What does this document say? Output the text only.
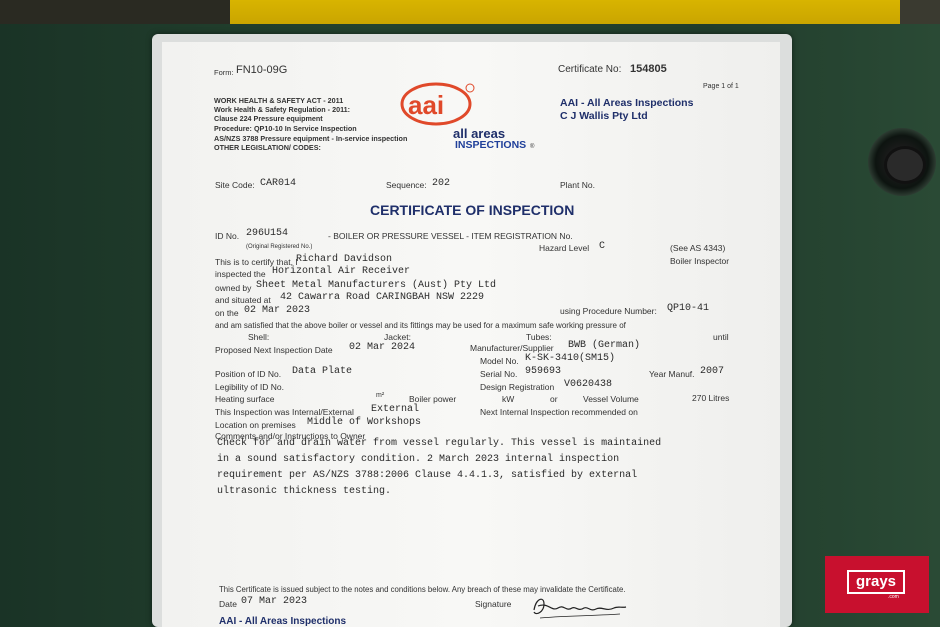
Form: FN10-09G	Certificate No: 154805
Page 1 of 1
WORK HEALTH & SAFETY ACT - 2011
Work Health & Safety Regulation - 2011:
Clause 224 Pressure equipment
Procedure: QP10-10 In Service Inspection
AS/NZS 3788 Pressure equipment - In-service inspection
OTHER LEGISLATION/ CODES:
aai
all areas
INSPECTIONS ®
AAI - All Areas Inspections
C J Wallis Pty Ltd
Site Code: CAR014	Sequence: 202	Plant No.
CERTIFICATE OF INSPECTION
ID No. 296U154	- BOILER OR PRESSURE VESSEL - ITEM REGISTRATION No.
(Original Registered No.)	Hazard Level C	(See AS 4343)
This is to certify that, I
Richard Davidson	Boiler Inspector
inspected the Horizontal Air Receiver
owned by Sheet Metal Manufacturers (Aust) Pty Ltd
and situated at 42 Cawarra Road CARINGBAH NSW 2229
on the 02 Mar 2023	using Procedure Number: QP10-41
and am satisfied that the above boiler or vessel and its fittings may be used for a maximum safe working pressure of
Shell:	Jacket:	Tubes:	until
Proposed Next Inspection Date 02 Mar 2024	Manufacturer/Supplier BWB (German)
Model No. K-SK-3410(SM15)
Position of ID No. Data Plate	Serial No. 959693	Year Manuf. 2007
Legibility of ID No.	Design Registration V0620438
Heating surface	m²	Boiler power	kW	or	Vessel Volume	270 Litres
This Inspection was Internal/External External	Next Internal Inspection recommended on
Location on premises Middle of Workshops
Comments and/or Instructions to Owner
Check for and drain water from vessel regularly. This vessel is maintained
in a sound satisfactory condition. 2 March 2023 internal inspection
requirement per AS/NZS 3788:2006 Clause 4.4.1.3, satisfied by external
ultrasonic thickness testing.
This Certificate is issued subject to the notes and conditions below. Any breach of these may invalidate the Certificate.
Date 07 Mar 2023	Signature
AAI - All Areas Inspections
grays
.com
